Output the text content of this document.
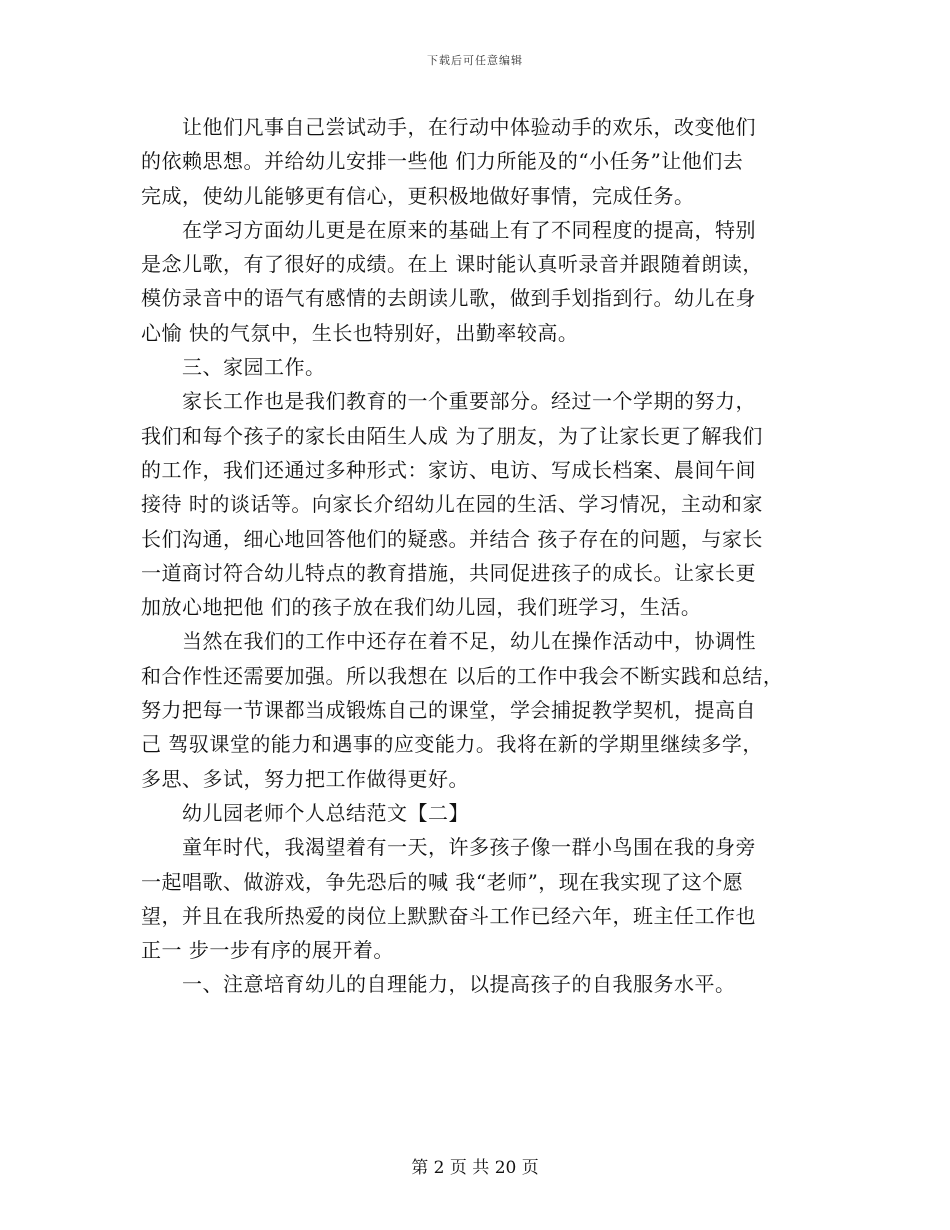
下载后可任意编辑
　　让他们凡事自己尝试动手，在行动中体验动手的欢乐，改变他们
的依赖思想。并给幼儿安排一些他 们力所能及的“小任务”让他们去
完成，使幼儿能够更有信心，更积极地做好事情，完成任务。
　　在学习方面幼儿更是在原来的基础上有了不同程度的提高，特别
是念儿歌，有了很好的成绩。在上 课时能认真听录音并跟随着朗读，
模仿录音中的语气有感情的去朗读儿歌，做到手划指到行。幼儿在身
心愉 快的气氛中，生长也特别好，出勤率较高。
　　三、家园工作。
　　家长工作也是我们教育的一个重要部分。经过一个学期的努力，
我们和每个孩子的家长由陌生人成 为了朋友，为了让家长更了解我们
的工作，我们还通过多种形式：家访、电访、写成长档案、晨间午间
接待 时的谈话等。向家长介绍幼儿在园的生活、学习情况，主动和家
长们沟通，细心地回答他们的疑惑。并结合 孩子存在的问题，与家长
一道商讨符合幼儿特点的教育措施，共同促进孩子的成长。让家长更
加放心地把他 们的孩子放在我们幼儿园，我们班学习，生活。
　　当然在我们的工作中还存在着不足，幼儿在操作活动中，协调性
和合作性还需要加强。所以我想在 以后的工作中我会不断实践和总结，
努力把每一节课都当成锻炼自己的课堂，学会捕捉教学契机，提高自
己 驾驭课堂的能力和遇事的应变能力。我将在新的学期里继续多学，
多思、多试，努力把工作做得更好。
　　幼儿园老师个人总结范文【二】
　　童年时代，我渴望着有一天，许多孩子像一群小鸟围在我的身旁
一起唱歌、做游戏，争先恐后的喊 我“老师”，现在我实现了这个愿
望，并且在我所热爱的岗位上默默奋斗工作已经六年，班主任工作也
正一 步一步有序的展开着。
　　一、注意培育幼儿的自理能力，以提高孩子的自我服务水平。
第 2 页 共 20 页
